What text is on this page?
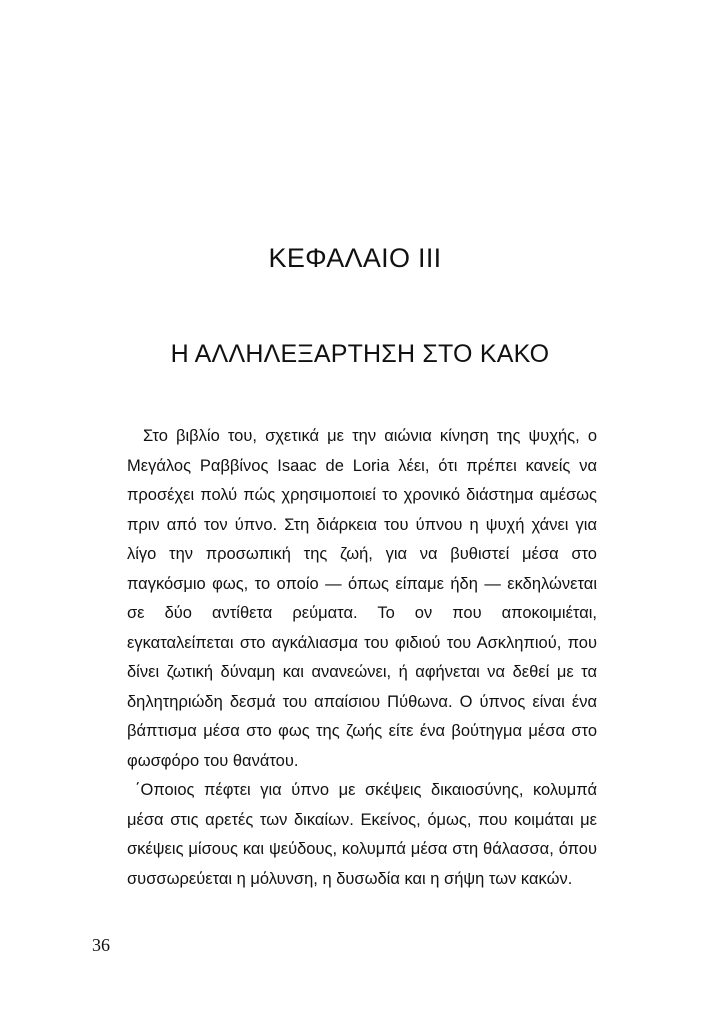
ΚΕΦΑΛΑΙΟ ΙΙΙ
Η ΑΛΛΗΛΕΞΑΡΤΗΣΗ ΣΤΟ ΚΑΚΟ

Στο βιβλίο του, σχετικά με την αιώνια κίνηση της ψυχής, ο Μεγάλος Ραββίνος Isaac de Loria λέει, ότι πρέπει κανείς να προσέχει πολύ πώς χρησιμοποιεί το χρονικό διάστημα αμέσως πριν από τον ύπνο. Στη διάρκεια του ύπνου η ψυχή χάνει για λίγο την προσωπική της ζωή, για να βυθιστεί μέσα στο παγκόσμιο φως, το οποίο — όπως είπαμε ήδη — εκδηλώνεται σε δύο αντίθετα ρεύματα. Το ον που αποκοιμιέται, εγκαταλείπεται στο αγκάλιασμα του φιδιού του Ασκληπιού, που δίνει ζωτική δύναμη και ανανεώνει, ή αφήνεται να δεθεί με τα δηλητηριώδη δεσμά του απαίσιου Πύθωνα. Ο ύπνος είναι ένα βάπτισμα μέσα στο φως της ζωής είτε ένα βούτηγμα μέσα στο φωσφόρο του θανάτου.

΄Οποιος πέφτει για ύπνο με σκέψεις δικαιοσύνης, κολυμπά μέσα στις αρετές των δικαίων. Εκείνος, όμως, που κοιμάται με σκέψεις μίσους και ψεύδους, κολυμπά μέσα στη θάλασσα, όπου συσσωρεύεται η μόλυνση, η δυσωδία και η σήψη των κακών.

36
